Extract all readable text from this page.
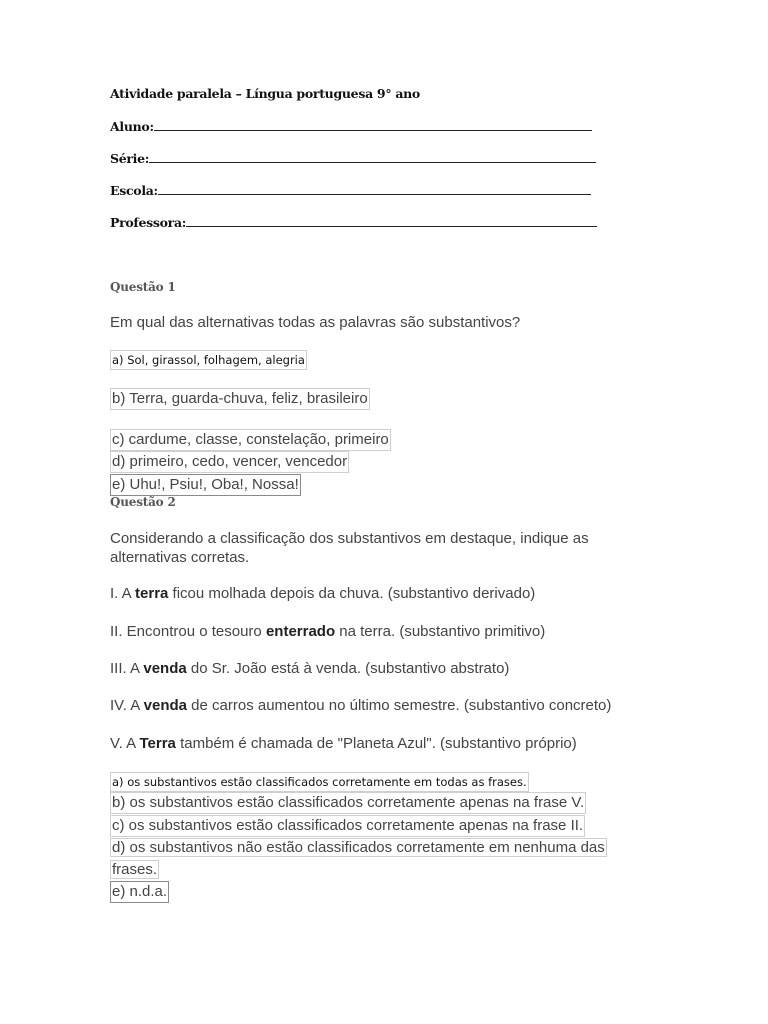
Atividade paralela – Língua portuguesa 9° ano
Aluno:
Série:
Escola:
Professora:
Questão 1
Em qual das alternativas todas as palavras são substantivos?
a) Sol, girassol, folhagem, alegria
b) Terra, guarda-chuva, feliz, brasileiro
c) cardume, classe, constelação, primeiro
d) primeiro, cedo, vencer, vencedor
e) Uhu!, Psiu!, Oba!, Nossa!
Questão 2
Considerando a classificação dos substantivos em destaque, indique as alternativas corretas.
I. A terra ficou molhada depois da chuva. (substantivo derivado)
II. Encontrou o tesouro enterrado na terra. (substantivo primitivo)
III. A venda do Sr. João está à venda. (substantivo abstrato)
IV. A venda de carros aumentou no último semestre. (substantivo concreto)
V. A Terra também é chamada de "Planeta Azul". (substantivo próprio)
a) os substantivos estão classificados corretamente em todas as frases.
b) os substantivos estão classificados corretamente apenas na frase V.
c) os substantivos estão classificados corretamente apenas na frase II.
d) os substantivos não estão classificados corretamente em nenhuma das frases.
e) n.d.a.
